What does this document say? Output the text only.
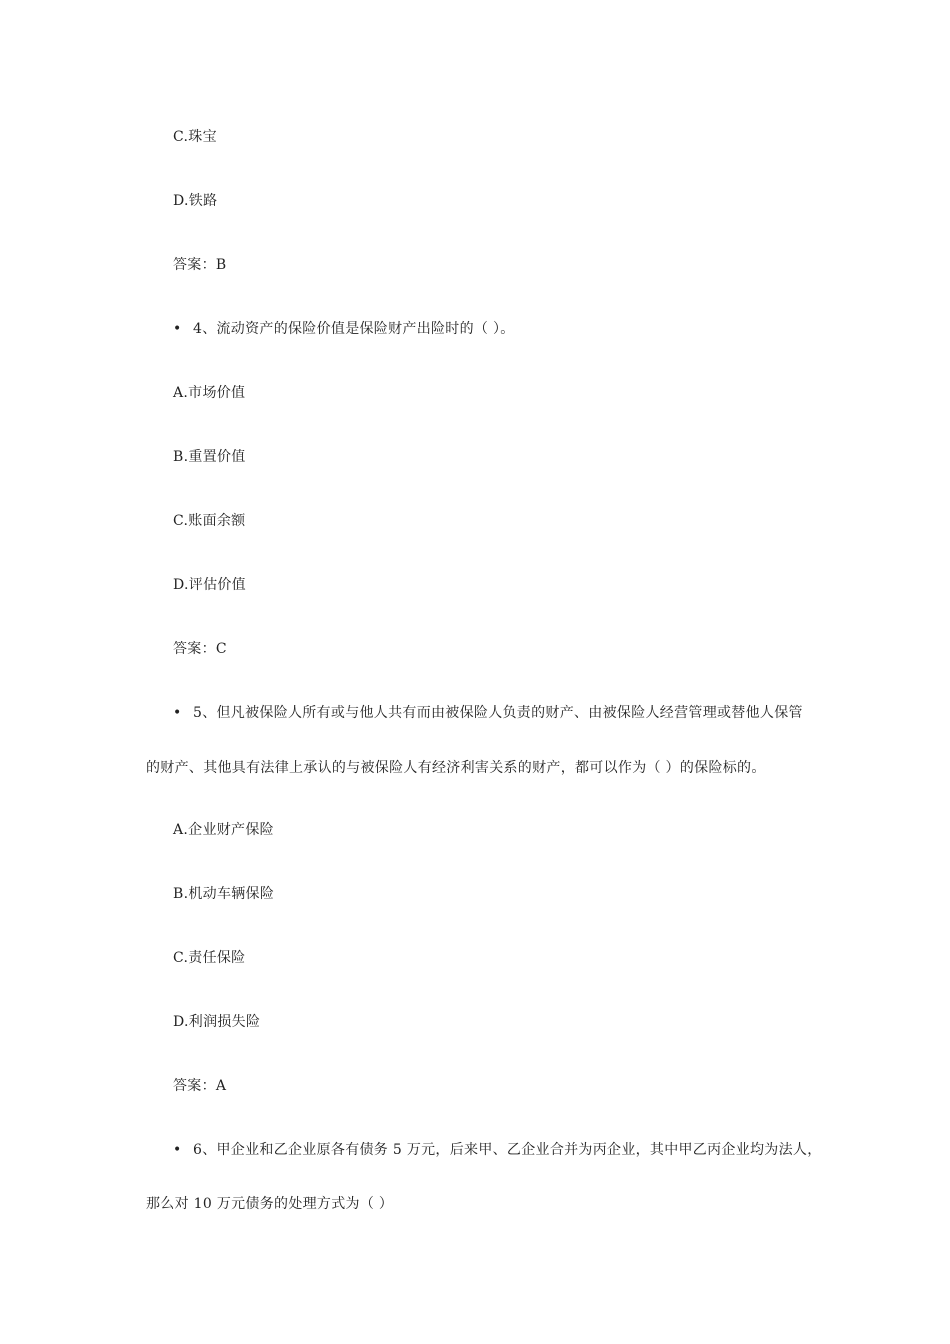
C.珠宝
D.铁路
答案：B
• 4、流动资产的保险价值是保险财产出险时的（ ）。
A.市场价值
B.重置价值
C.账面余额
D.评估价值
答案：C
• 5、但凡被保险人所有或与他人共有而由被保险人负责的财产、由被保险人经营管理或替他人保管
的财产、其他具有法律上承认的与被保险人有经济利害关系的财产，都可以作为（ ）的保险标的。
A.企业财产保险
B.机动车辆保险
C.责任保险
D.利润损失险
答案：A
• 6、甲企业和乙企业原各有债务 5 万元，后来甲、乙企业合并为丙企业，其中甲乙丙企业均为法人，
那么对 10 万元债务的处理方式为（ ）
